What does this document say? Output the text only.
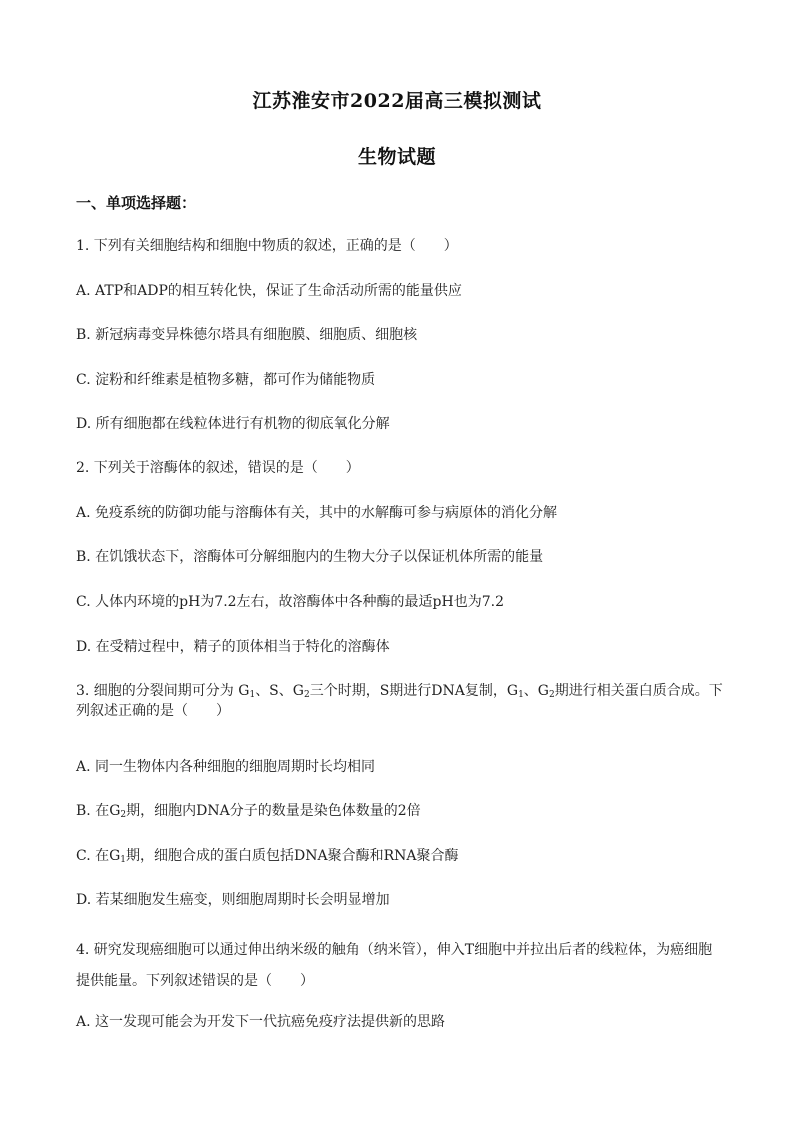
江苏淮安市2022届高三模拟测试
生物试题
一、单项选择题：
1. 下列有关细胞结构和细胞中物质的叙述，正确的是（　　）
A. ATP和ADP的相互转化快，保证了生命活动所需的能量供应
B. 新冠病毒变异株德尔塔具有细胞膜、细胞质、细胞核
C. 淀粉和纤维素是植物多糖，都可作为储能物质
D. 所有细胞都在线粒体进行有机物的彻底氧化分解
2. 下列关于溶酶体的叙述，错误的是（　　）
A. 免疫系统的防御功能与溶酶体有关，其中的水解酶可参与病原体的消化分解
B. 在饥饿状态下，溶酶体可分解细胞内的生物大分子以保证机体所需的能量
C. 人体内环境的pH为7.2左右，故溶酶体中各种酶的最适pH也为7.2
D. 在受精过程中，精子的顶体相当于特化的溶酶体
3. 细胞的分裂间期可分为 $G_1$、S、$G_2$三个时期，S期进行DNA复制，$G_1$、$G_2$期进行相关蛋白质合成。下列叙述正确的是（　　）
A. 同一生物体内各种细胞的细胞周期时长均相同
B. 在$G_2$期，细胞内DNA分子的数量是染色体数量的2倍
C. 在$G_1$期，细胞合成的蛋白质包括DNA聚合酶和RNA聚合酶
D. 若某细胞发生癌变，则细胞周期时长会明显增加
4. 研究发现癌细胞可以通过伸出纳米级的触角（纳米管），伸入T细胞中并拉出后者的线粒体，为癌细胞提供能量。下列叙述错误的是（　　）
A. 这一发现可能会为开发下一代抗癌免疫疗法提供新的思路
